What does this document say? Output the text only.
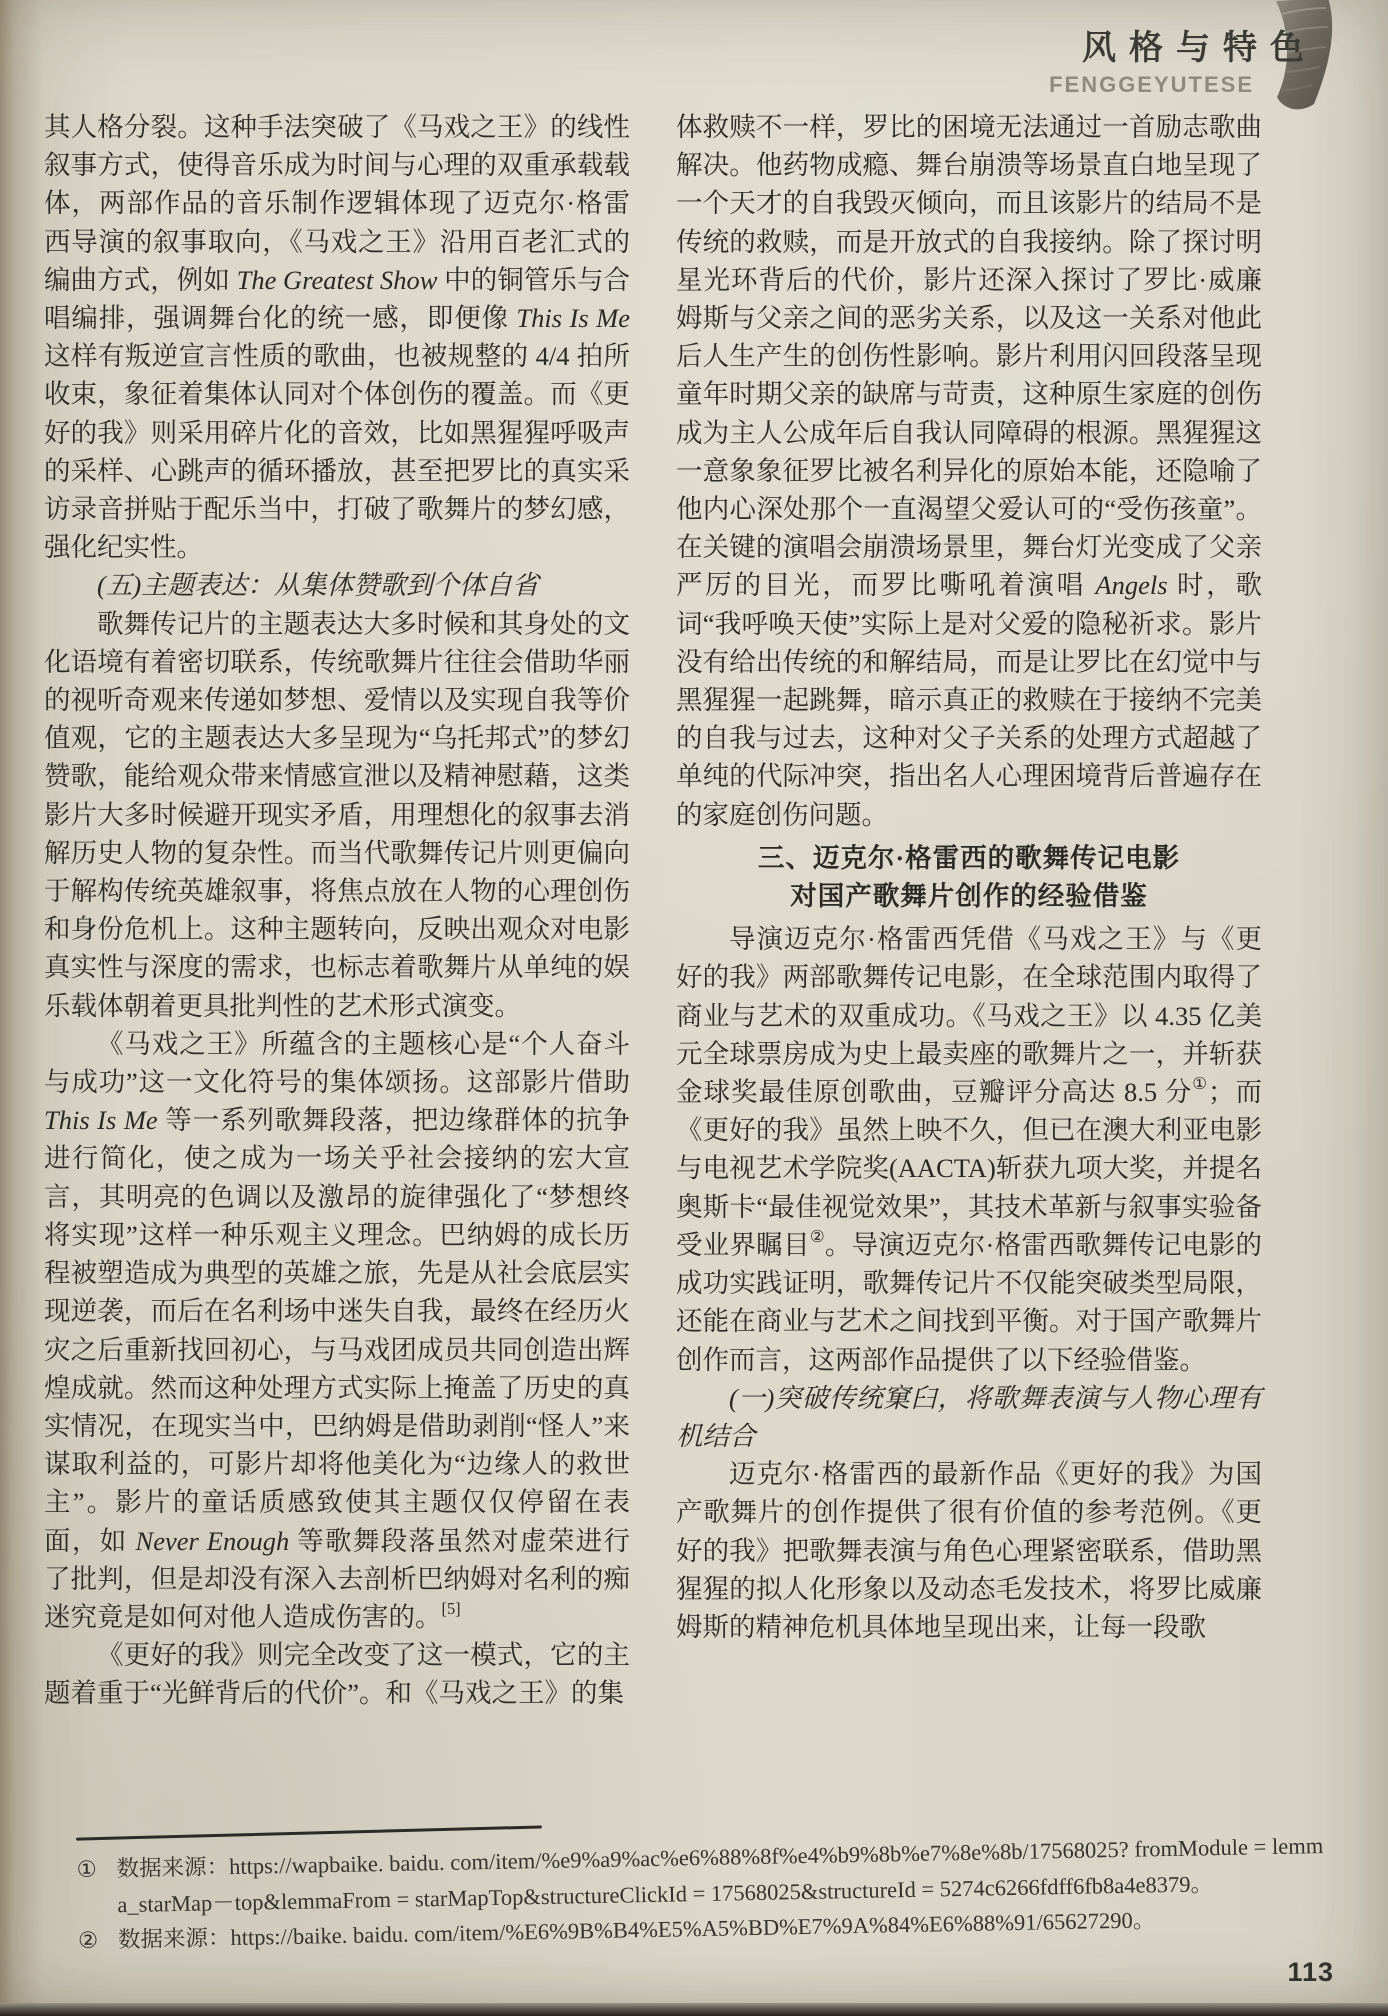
风格与特色
FENGGEYUTESE
其人格分裂。这种手法突破了《马戏之王》的线性叙事方式，使得音乐成为时间与心理的双重承载载体，两部作品的音乐制作逻辑体现了迈克尔·格雷西导演的叙事取向，《马戏之王》沿用百老汇式的编曲方式，例如 The Greatest Show 中的铜管乐与合唱编排，强调舞台化的统一感，即便像 This Is Me 这样有叛逆宣言性质的歌曲，也被规整的 4/4 拍所收束，象征着集体认同对个体创伤的覆盖。而《更好的我》则采用碎片化的音效，比如黑猩猩呼吸声的采样、心跳声的循环播放，甚至把罗比的真实采访录音拼贴于配乐当中，打破了歌舞片的梦幻感，强化纪实性。
(五)主题表达：从集体赞歌到个体自省
歌舞传记片的主题表达大多时候和其身处的文化语境有着密切联系，传统歌舞片往往会借助华丽的视听奇观来传递如梦想、爱情以及实现自我等价值观，它的主题表达大多呈现为“乌托邦式”的梦幻赞歌，能给观众带来情感宣泄以及精神慰藉，这类影片大多时候避开现实矛盾，用理想化的叙事去消解历史人物的复杂性。而当代歌舞传记片则更偏向于解构传统英雄叙事，将焦点放在人物的心理创伤和身份危机上。这种主题转向，反映出观众对电影真实性与深度的需求，也标志着歌舞片从单纯的娱乐载体朝着更具批判性的艺术形式演变。
《马戏之王》所蕴含的主题核心是“个人奋斗与成功”这一文化符号的集体颂扬。这部影片借助 This Is Me 等一系列歌舞段落，把边缘群体的抗争进行简化，使之成为一场关乎社会接纳的宏大宣言，其明亮的色调以及激昂的旋律强化了“梦想终将实现”这样一种乐观主义理念。巴纳姆的成长历程被塑造成为典型的英雄之旅，先是从社会底层实现逆袭，而后在名利场中迷失自我，最终在经历火灾之后重新找回初心，与马戏团成员共同创造出辉煌成就。然而这种处理方式实际上掩盖了历史的真实情况，在现实当中，巴纳姆是借助剥削“怪人”来谋取利益的，可影片却将他美化为“边缘人的救世主”。影片的童话质感致使其主题仅仅停留在表面，如 Never Enough 等歌舞段落虽然对虚荣进行了批判，但是却没有深入去剖析巴纳姆对名利的痴迷究竟是如何对他人造成伤害的。[5]
《更好的我》则完全改变了这一模式，它的主题着重于“光鲜背后的代价”。和《马戏之王》的集
体救赎不一样，罗比的困境无法通过一首励志歌曲解决。他药物成瘾、舞台崩溃等场景直白地呈现了一个天才的自我毁灭倾向，而且该影片的结局不是传统的救赎，而是开放式的自我接纳。除了探讨明星光环背后的代价，影片还深入探讨了罗比·威廉姆斯与父亲之间的恶劣关系，以及这一关系对他此后人生产生的创伤性影响。影片利用闪回段落呈现童年时期父亲的缺席与苛责，这种原生家庭的创伤成为主人公成年后自我认同障碍的根源。黑猩猩这一意象象征罗比被名利异化的原始本能，还隐喻了他内心深处那个一直渴望父爱认可的“受伤孩童”。在关键的演唱会崩溃场景里，舞台灯光变成了父亲严厉的目光，而罗比嘶吼着演唱 Angels 时，歌词“我呼唤天使”实际上是对父爱的隐秘祈求。影片没有给出传统的和解结局，而是让罗比在幻觉中与黑猩猩一起跳舞，暗示真正的救赎在于接纳不完美的自我与过去，这种对父子关系的处理方式超越了单纯的代际冲突，指出名人心理困境背后普遍存在的家庭创伤问题。
三、迈克尔·格雷西的歌舞传记电影
对国产歌舞片创作的经验借鉴
导演迈克尔·格雷西凭借《马戏之王》与《更好的我》两部歌舞传记电影，在全球范围内取得了商业与艺术的双重成功。《马戏之王》以 4.35 亿美元全球票房成为史上最卖座的歌舞片之一，并斩获金球奖最佳原创歌曲，豆瓣评分高达 8.5 分①；而《更好的我》虽然上映不久，但已在澳大利亚电影与电视艺术学院奖(AACTA)斩获九项大奖，并提名奥斯卡“最佳视觉效果”，其技术革新与叙事实验备受业界瞩目②。导演迈克尔·格雷西歌舞传记电影的成功实践证明，歌舞传记片不仅能突破类型局限，还能在商业与艺术之间找到平衡。对于国产歌舞片创作而言，这两部作品提供了以下经验借鉴。
(一)突破传统窠臼，将歌舞表演与人物心理有机结合
迈克尔·格雷西的最新作品《更好的我》为国产歌舞片的创作提供了很有价值的参考范例。《更好的我》把歌舞表演与角色心理紧密联系，借助黑猩猩的拟人化形象以及动态毛发技术，将罗比威廉姆斯的精神危机具体地呈现出来，让每一段歌
① 数据来源：https://wapbaike. baidu. com/item/%e9%a9%ac%e6%88%8f%e4%b9%8b%e7%8e%8b/17568025? fromModule = lemma_starMap－top&lemmaFrom = starMapTop&structureClickId = 17568025&structureId = 5274c6266fdff6fb8a4e8379。
② 数据来源：https://baike. baidu. com/item/%E6%9B%B4%E5%A5%BD%E7%9A%84%E6%88%91/65627290。
113
